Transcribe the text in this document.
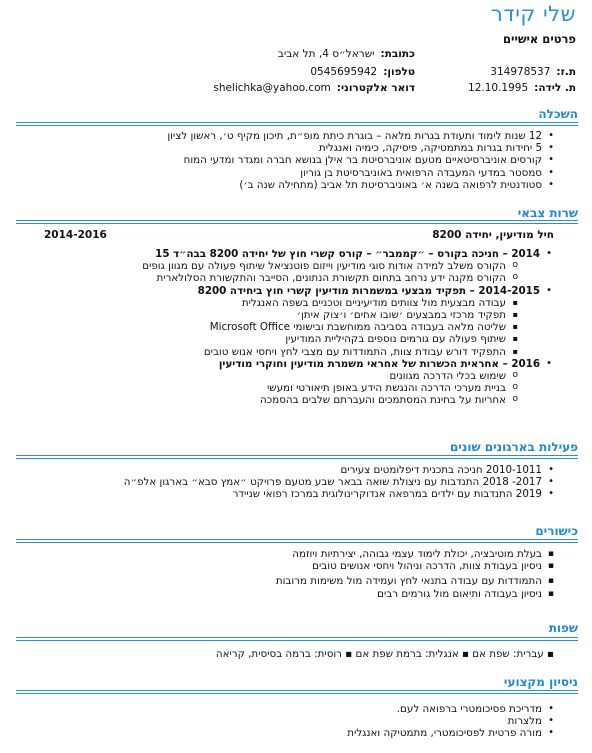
שלי קידר
פרטים אישיים
ת.ז:314978537
כתובת:ישראל״ס 4, תל אביב
ת. לידה:12.10.1995
טלפון:0545695942
דואר אלקטרוני:shelichka@yahoo.com
השכלה
• 12 שנות לימוד ותעודת בגרות מלאה – בוגרת כיתת מופ״ת, תיכון מקיף ט׳, ראשון לציון
• 5 יחידות בגרות במתמטיקה, פיסיקה, כימיה ואנגלית
• קורסים אוניברסיטאיים מטעם אוניברסיטת בר אילן בנושא חברה ומגדר ומדעי המוח
• סמסטר במדעי המעבדה הרפואית באוניברסיטת בן גוריון
• סטודנטית לרפואה בשנה א׳ באוניברסיטת תל אביב (מתחילה שנה ב׳)
שרות צבאי
חיל מודיעין, יחידה 8200
2014-2016
• 2014 – חניכה בקורס – ״קממבר״ – קורס קשרי חוץ של יחידה 8200 בבה״ד 15
o הקורס משלב למידה אודות סוגי מודיעין וייזום פוטנציאל שיתוף פעולה עם מגוון גופים
o הקורס מקנה ידע נרחב בתחום תקשורת הנתונים, הסייבר והתקשורת הסלולארית
• 2014-2015 – תפקיד מבצעי במשמרות מודיעין קשרי חוץ ביחידה 8200
▪ עבודה מבצעית מול צוותים מודיעיניים וטכניים בשפה האנגלית
▪ תפקיד מרכזי במבצעים ׳שובו אחים׳ ו׳צוק איתן׳
▪ שליטה מלאה בעבודה בסביבה ממוחשבת ובישומי Microsoft Office
▪ שיתוף פעולה עם גורמים נוספים בקהיליית המודיעין
▪ התפקיד דורש עבודת צוות, התמודדות עם מצבי לחץ ויחסי אנוש טובים
• 2016 – אחראית הכשרות של אחראי משמרת מודיעין וחוקרי מודיעין
o שימוש בכלי הדרכה מגוונים
o בניית מערכי הדרכה והנגשת הידע באופן תיאורטי ומעשי
o אחריות על בחינת המסתמכים והעברתם שלבים בהסמכה
פעילות בארגונים שונים
• 2010-1011 חניכה בתכנית דיפלומטים צעירים
• 2017- 2018 התנדבות עם ניצולת שואה בבאר שבע מטעם פרויקט ״אמץ סבא״ בארגון אלפ״ה
• 2019 התנדבות עם ילדים במרפאה אנדוקרינולוגית במרכז רפואי שניידר
כישורים
▪ בעלת מוטיבציה, יכולת לימוד עצמי גבוהה, יצירתיות ויוזמה
▪ ניסיון בעבודת צוות, הדרכה וניהול ויחסי אנושים טובים
▪ התמודדות עם עבודה בתנאי לחץ ועמידה מול משימות מרובות
▪ ניסיון בעבודה ותיאום מול גורמים רבים
שפות
▪ עברית: שפת אם ▪ אנגלית: ברמת שפת אם ▪ רוסית: ברמה בסיסית, קריאה
ניסיון מקצועי
• מדריכת פסיכומטרי ברפואה לעם.
• מלצרות
• מורה פרטית לפסיכומטרי, מתמטיקה ואנגלית
